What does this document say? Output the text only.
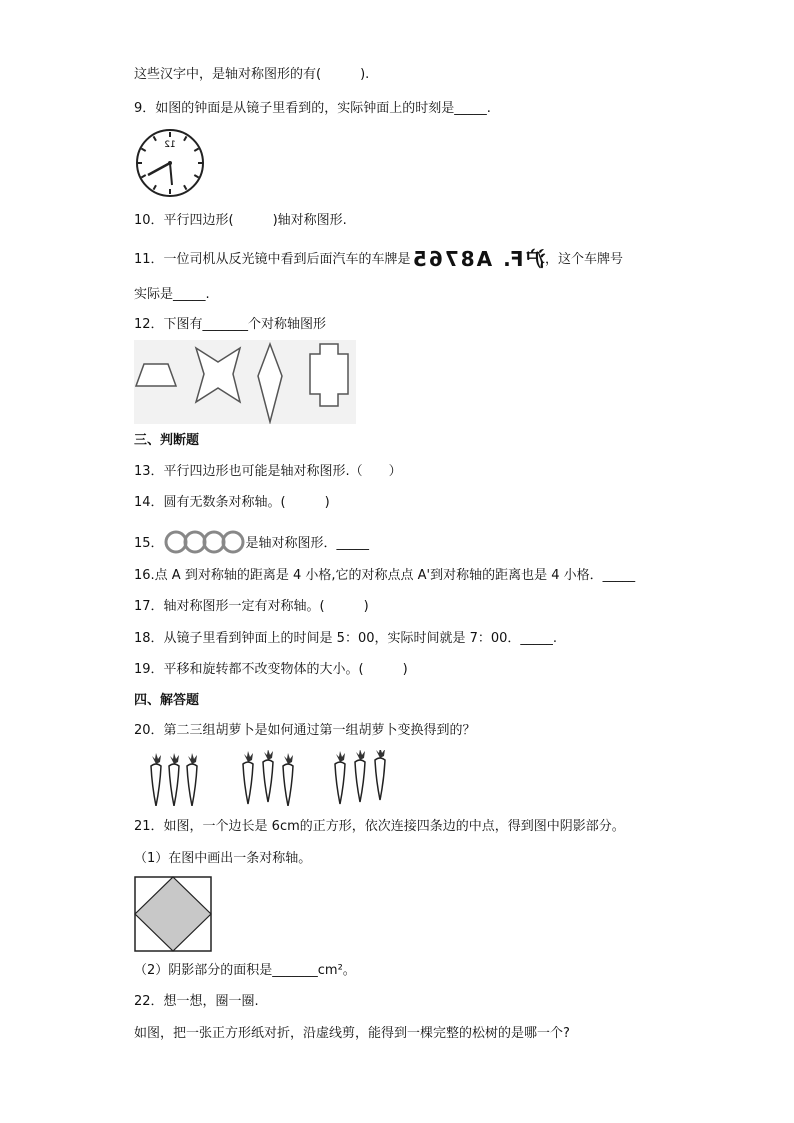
这些汉字中，是轴对称图形的有(　　　).
9．如图的钟面是从镜子里看到的，实际钟面上的时刻是_____.
12
10．平行四边形(　　　)轴对称图形.
11．一位司机从反光镜中看到后面汽车的车牌是沪F. A8765，这个车牌号
实际是_____.
12．下图有_______个对称轴图形
三、判断题
13．平行四边形也可能是轴对称图形.（　　）
14．圆有无数条对称轴。(　　　)
15．	是轴对称图形．_____
16.点 A 到对称轴的距离是 4 小格,它的对称点点 A'到对称轴的距离也是 4 小格．_____
17．轴对称图形一定有对称轴。(　　　)
18．从镜子里看到钟面上的时间是 5：00，实际时间就是 7：00．_____.
19．平移和旋转都不改变物体的大小。(　　　)
四、解答题
20．第二三组胡萝卜是如何通过第一组胡萝卜变换得到的？
21．如图，一个边长是 6cm的正方形，依次连接四条边的中点，得到图中阴影部分。
（1）在图中画出一条对称轴。
（2）阴影部分的面积是_______cm²。
22．想一想，圈一圈.
如图，把一张正方形纸对折，沿虚线剪，能得到一棵完整的松树的是哪一个?
